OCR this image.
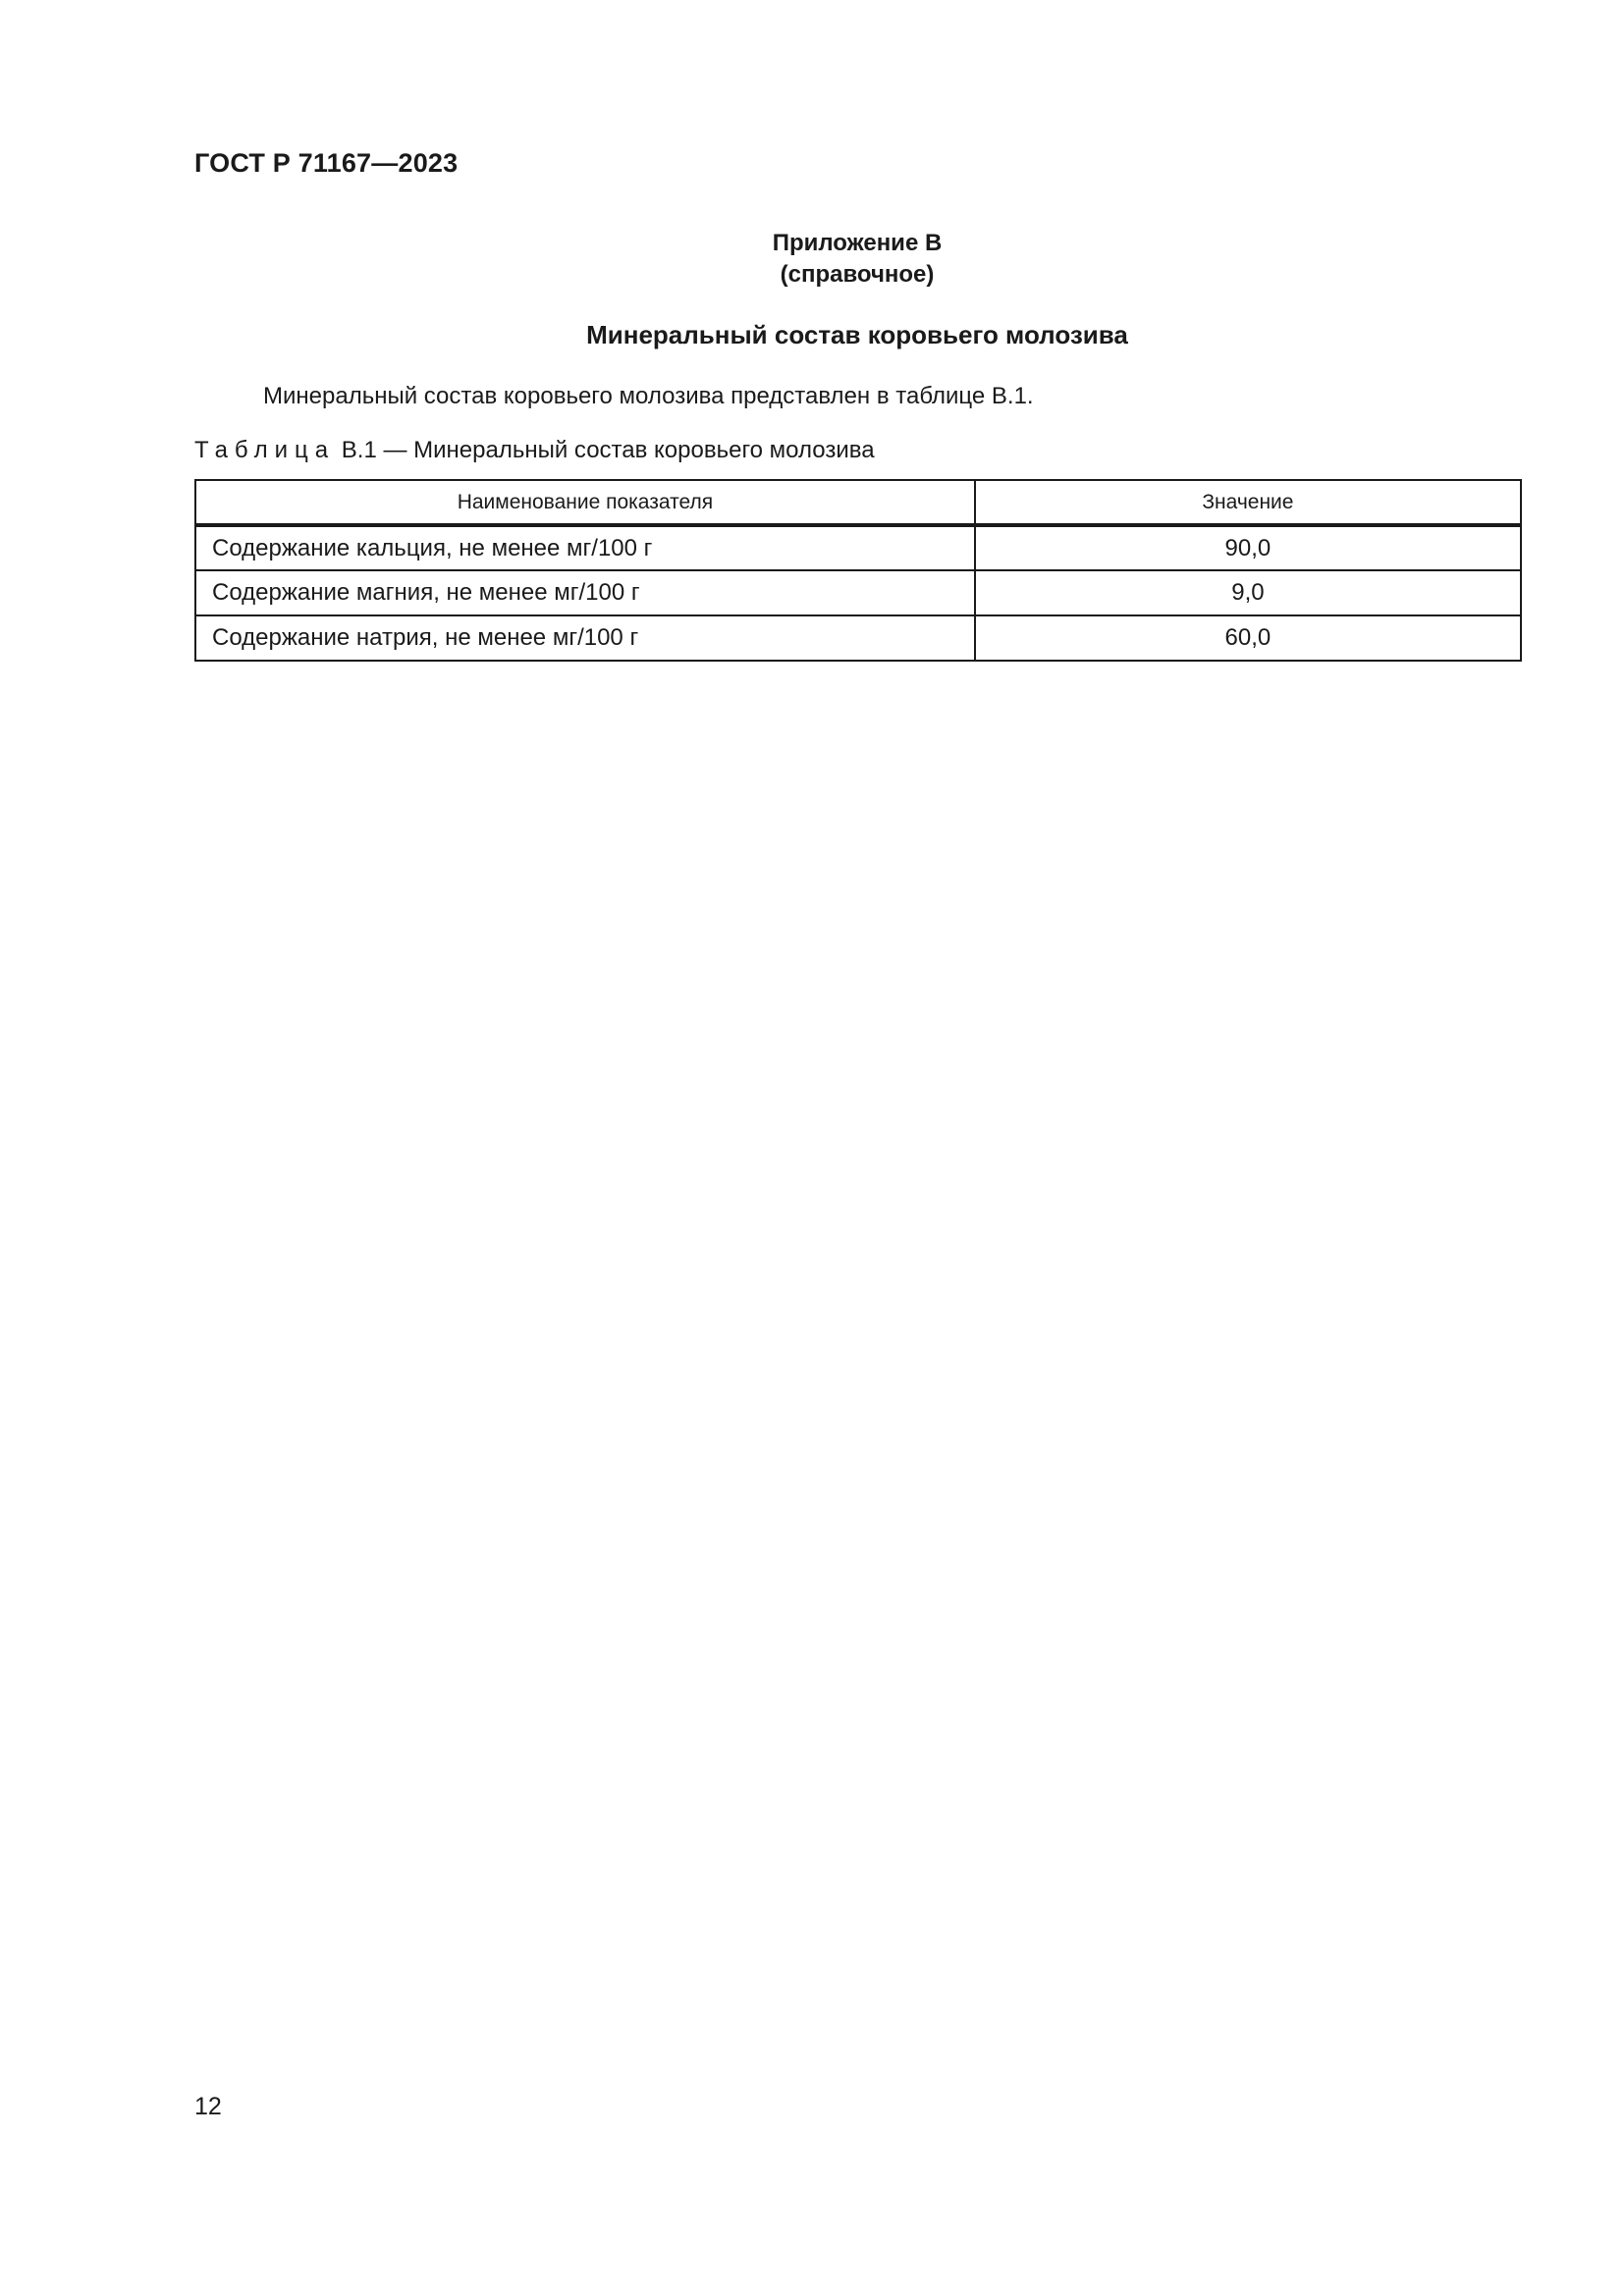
ГОСТ Р 71167—2023
Приложение В
(справочное)
Минеральный состав коровьего молозива
Минеральный состав коровьего молозива представлен в таблице В.1.
Таблица В.1 — Минеральный состав коровьего молозива
Наименование показателя	Значение
Содержание кальция, не менее мг/100 г	90,0
Содержание магния, не менее мг/100 г	9,0
Содержание натрия, не менее мг/100 г	60,0
12
